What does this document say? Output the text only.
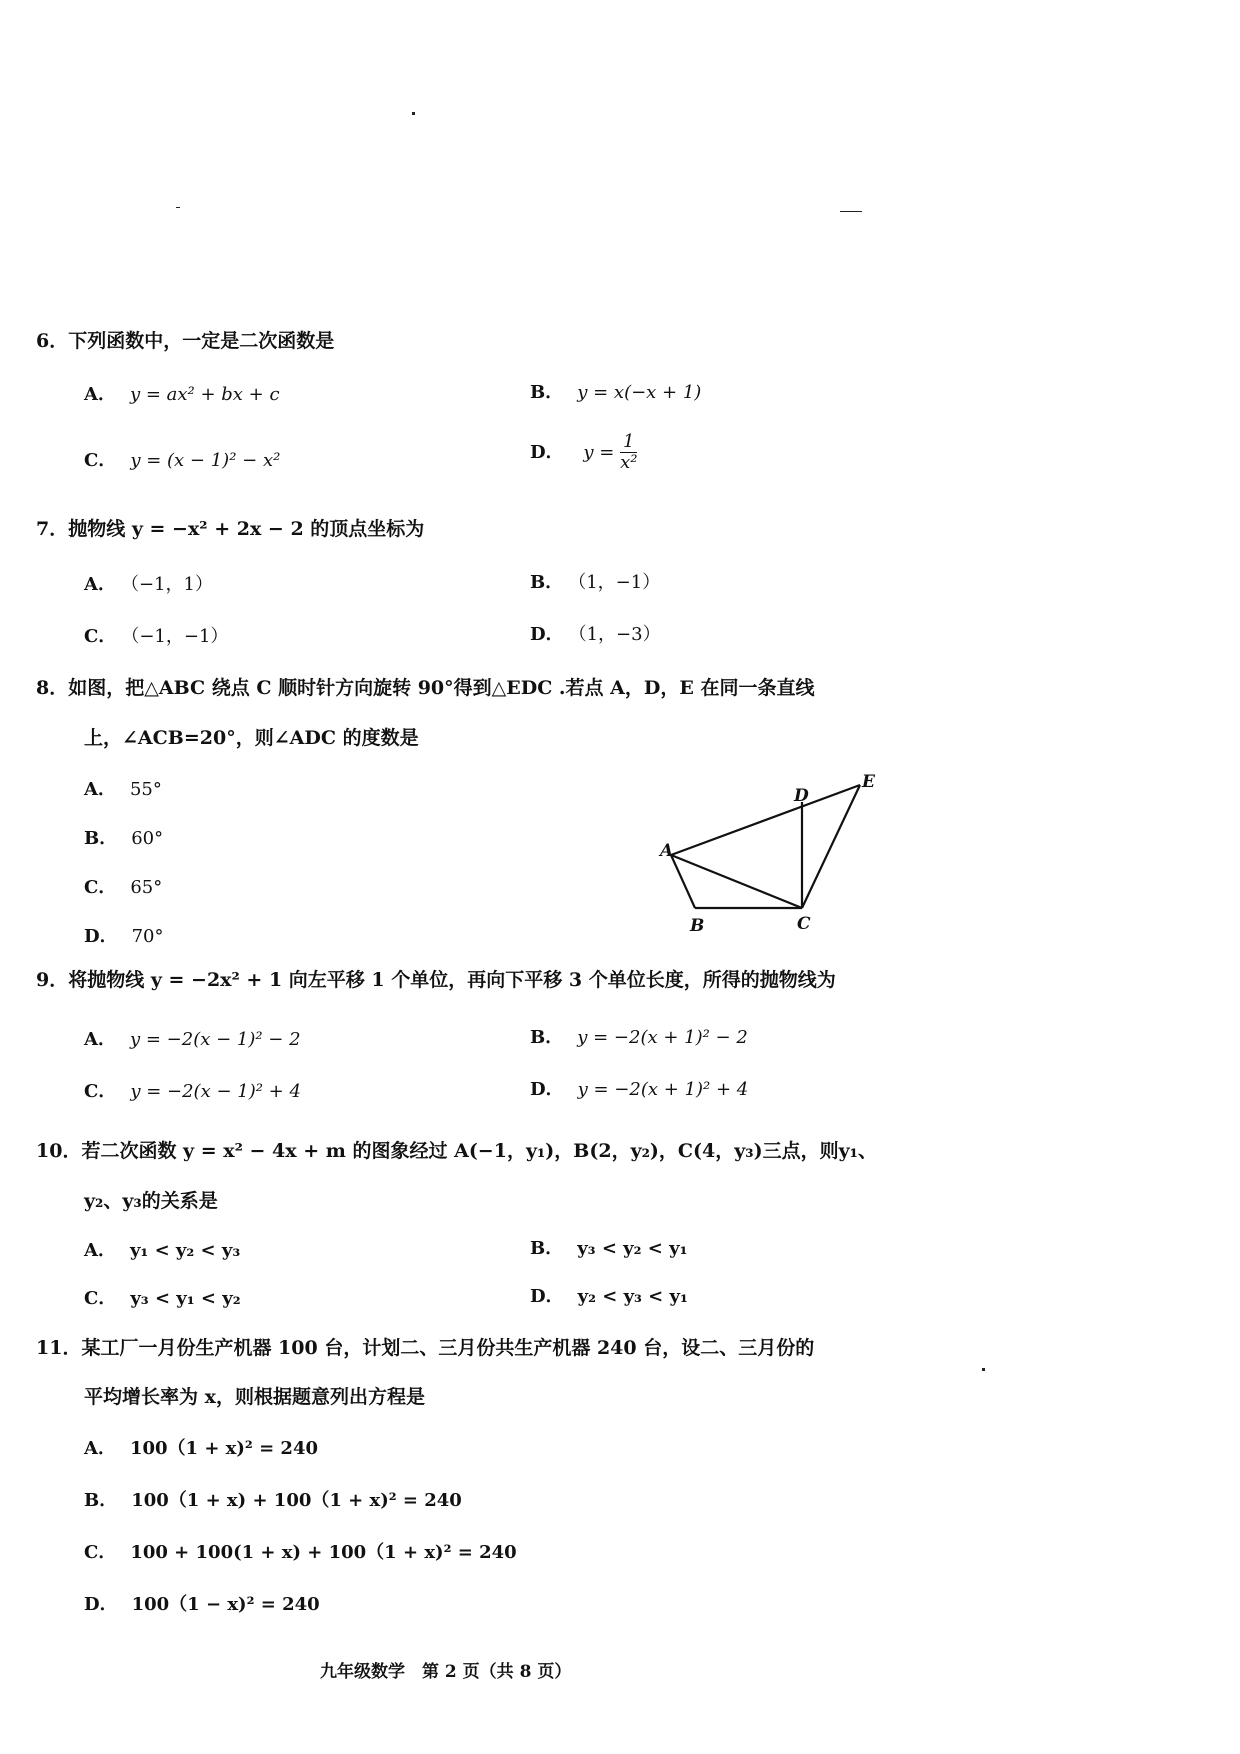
6．下列函数中，一定是二次函数是
A． y = ax² + bx + c	B． y = x(−x + 1)
C． y = (x − 1)² − x²	D． $y = \frac{1}{\text{x²}}$
7．抛物线 y = −x² + 2x − 2 的顶点坐标为
A． （−1，1）	B． （1，−1）
C． （−1，−1）	D． （1，−3）
8．如图，把△ABC 绕点 C 顺时针方向旋转 90°得到△EDC .若点 A，D，E 在同一条直线
上，∠ACB=20°，则∠ADC 的度数是
A． 55°
B． 60°
C． 65°
D． 70°
A
B	C
D
E
9．将抛物线 y = −2x² + 1 向左平移 1 个单位，再向下平移 3 个单位长度，所得的抛物线为
A． y = −2(x − 1)² − 2	B． y = −2(x + 1)² − 2
C． y = −2(x − 1)² + 4	D． y = −2(x + 1)² + 4
10．若二次函数 y = x² − 4x + m 的图象经过 A(−1，y₁)，B(2，y₂)，C(4，y₃)三点，则y₁、
y₂、y₃的关系是
A． y₁ < y₂ < y₃	B． y₃ < y₂ < y₁
C． y₃ < y₁ < y₂	D． y₂ < y₃ < y₁
11．某工厂一月份生产机器 100 台，计划二、三月份共生产机器 240 台，设二、三月份的
平均增长率为 x，则根据题意列出方程是
A． 100（1 + x)² = 240
B． 100（1 + x) + 100（1 + x)² = 240
C． 100 + 100(1 + x) + 100（1 + x)² = 240
D． 100（1 − x)² = 240
九年级数学　第 2 页（共 8 页）
